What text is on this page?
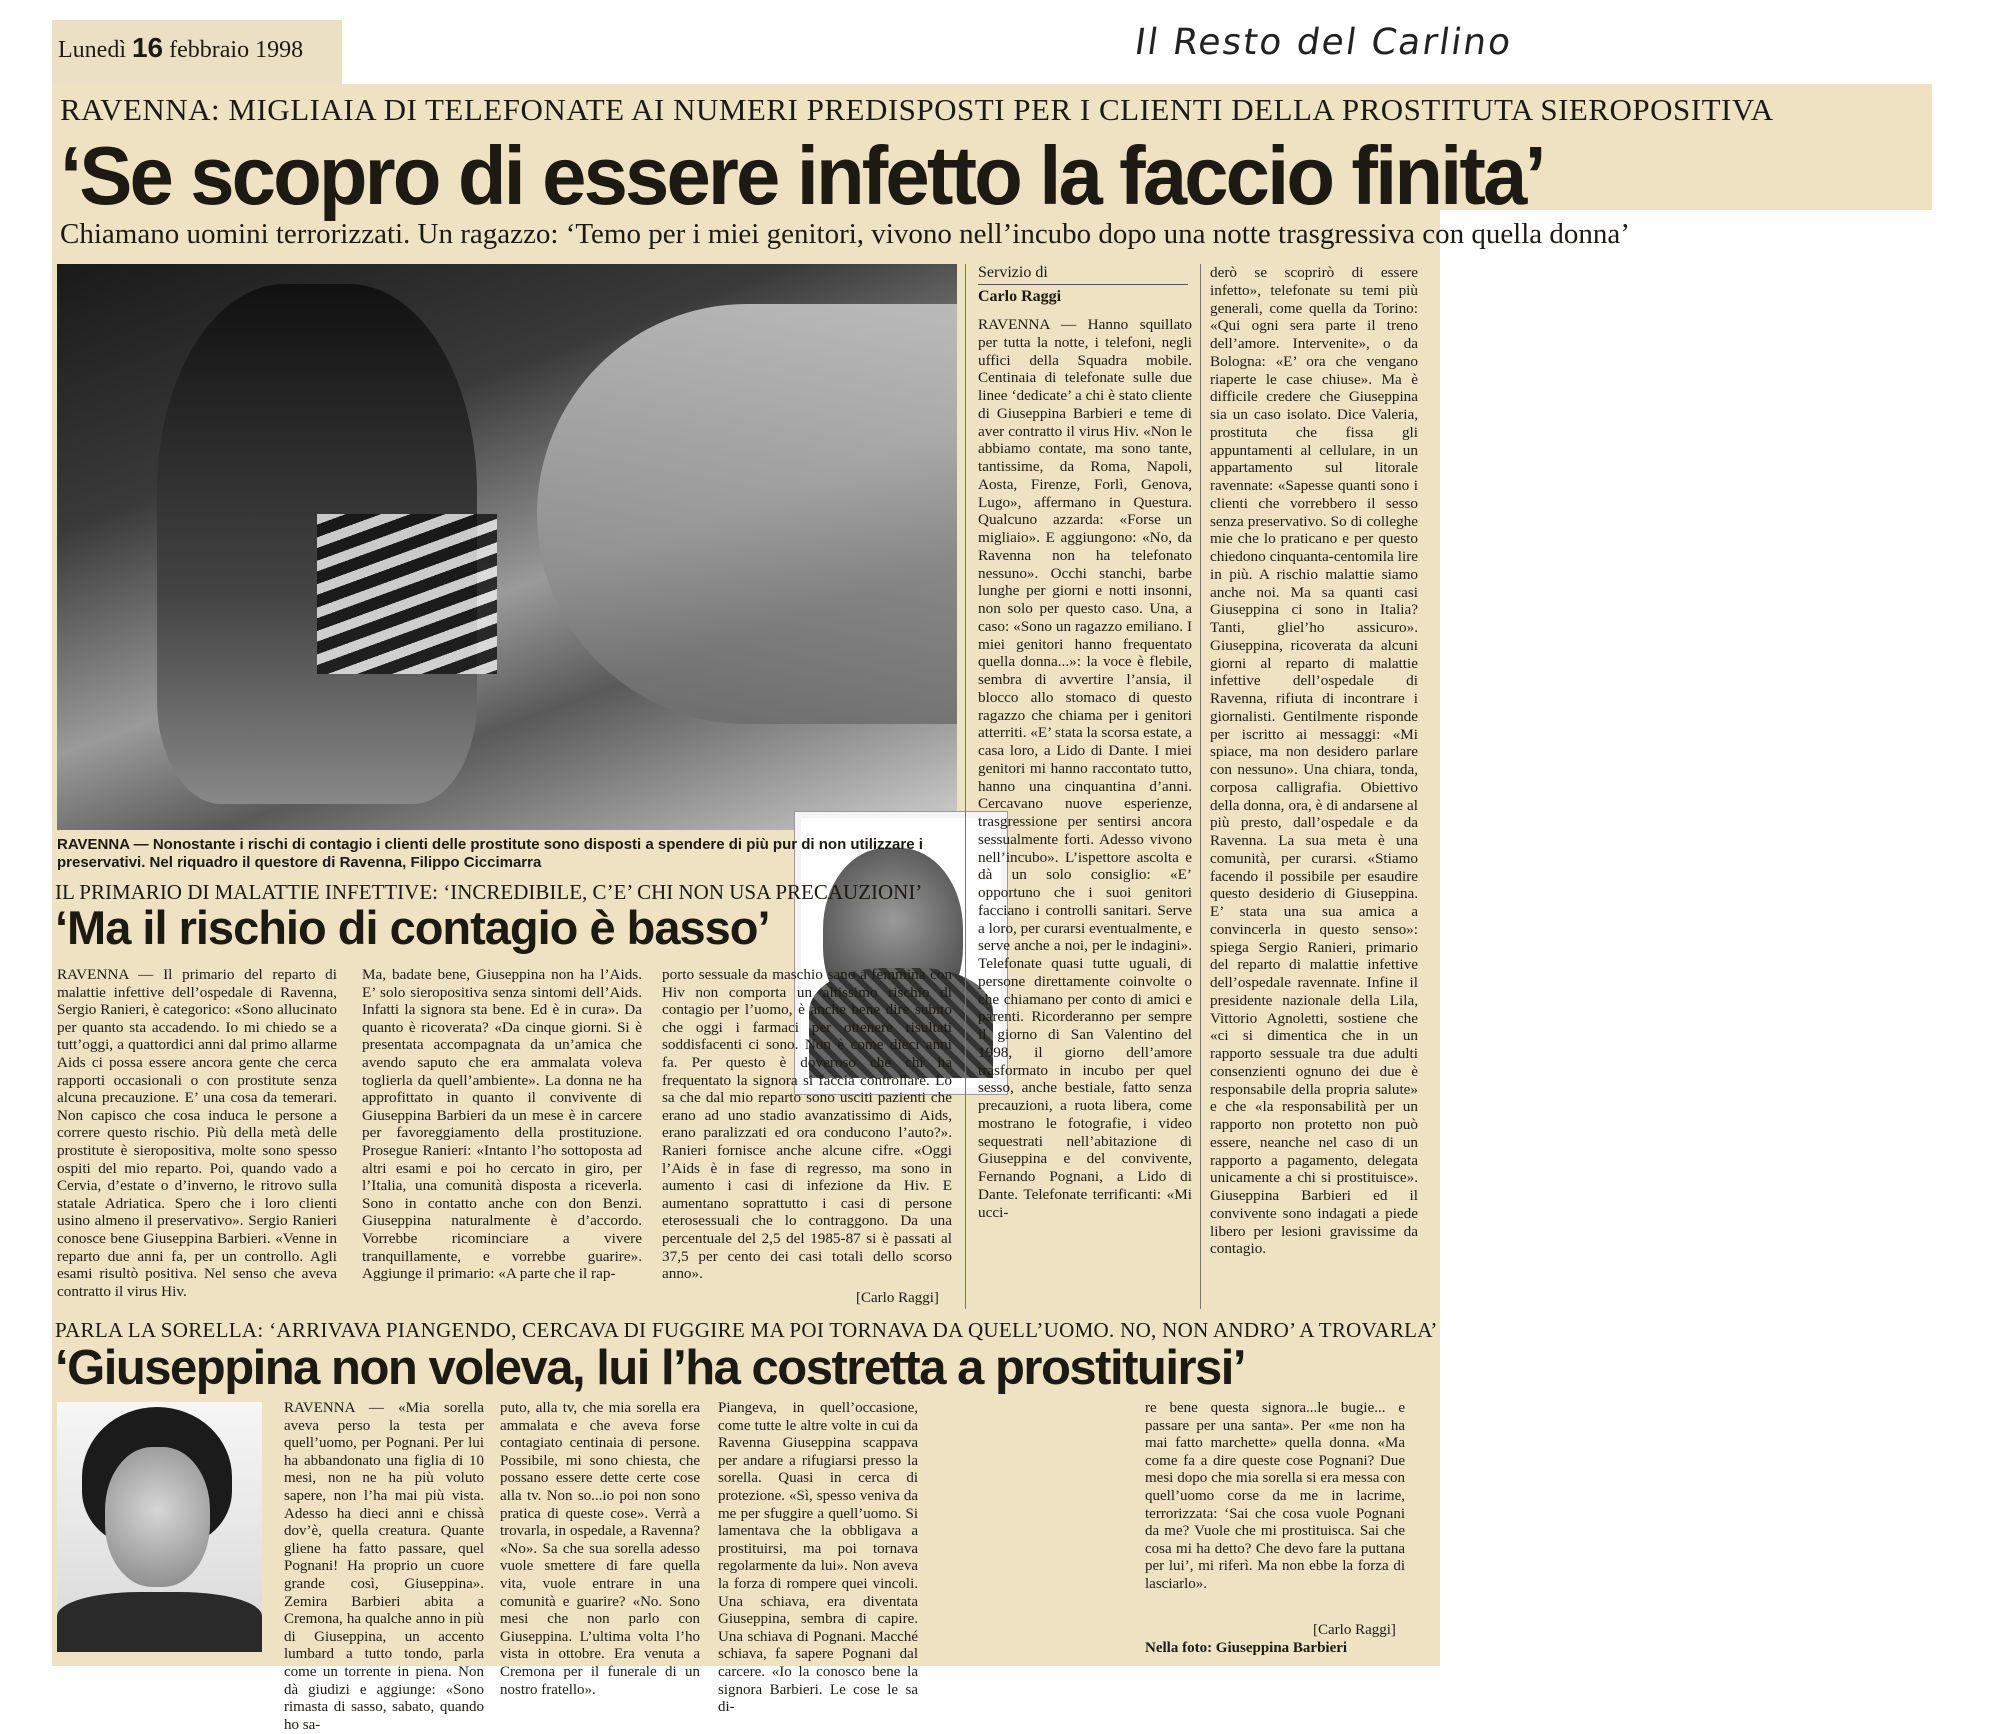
Lunedì 16 febbraio 1998	Il Resto del Carlino
RAVENNA: MIGLIAIA DI TELEFONATE AI NUMERI PREDISPOSTI PER I CLIENTI DELLA PROSTITUTA SIEROPOSITIVA
‘Se scopro di essere infetto la faccio finita’
Chiamano uomini terrorizzati. Un ragazzo: ‘Temo per i miei genitori, vivono nell’incubo dopo una notte trasgressiva con quella donna’
RAVENNA — Nonostante i rischi di contagio i clienti delle prostitute sono disposti a spendere di più pur di non utilizzare i preservativi. Nel riquadro il questore di Ravenna, Filippo Ciccimarra
Servizio di
Carlo Raggi
RAVENNA — Hanno squillato per tutta la notte, i telefoni, negli uffici della Squadra mobile. Centinaia di telefonate sulle due linee ‘dedicate’ a chi è stato cliente di Giuseppina Barbieri e teme di aver contratto il virus Hiv. «Non le abbiamo contate, ma sono tante, tantissime, da Roma, Napoli, Aosta, Firenze, Forlì, Genova, Lugo», affermano in Questura. Qualcuno azzarda: «Forse un migliaio». E aggiungono: «No, da Ravenna non ha telefonato nessuno». Occhi stanchi, barbe lunghe per giorni e notti insonni, non solo per questo caso. Una, a caso: «Sono un ragazzo emiliano. I miei genitori hanno frequentato quella donna...»: la voce è flebile, sembra di avvertire l’ansia, il blocco allo stomaco di questo ragazzo che chiama per i genitori atterriti. «E’ stata la scorsa estate, a casa loro, a Lido di Dante. I miei genitori mi hanno raccontato tutto, hanno una cinquantina d’anni. Cercavano nuove esperienze, trasgressione per sentirsi ancora sessualmente forti. Adesso vivono nell’incubo». L’ispettore ascolta e dà un solo consiglio: «E’ opportuno che i suoi genitori facciano i controlli sanitari. Serve a loro, per curarsi eventualmente, e serve anche a noi, per le indagini». Telefonate quasi tutte uguali, di persone direttamente coinvolte o che chiamano per conto di amici e parenti. Ricorderanno per sempre il giorno di San Valentino del 1998, il giorno dell’amore trasformato in incubo per quel sesso, anche bestiale, fatto senza precauzioni, a ruota libera, come mostrano le fotografie, i video sequestrati nell’abitazione di Giuseppina e del convivente, Fernando Pognani, a Lido di Dante. Telefonate terrificanti: «Mi ucci-
derò se scoprirò di essere infetto», telefonate su temi più generali, come quella da Torino: «Qui ogni sera parte il treno dell’amore. Intervenite», o da Bologna: «E’ ora che vengano riaperte le case chiuse». Ma è difficile credere che Giuseppina sia un caso isolato. Dice Valeria, prostituta che fissa gli appuntamenti al cellulare, in un appartamento sul litorale ravennate: «Sapesse quanti sono i clienti che vorrebbero il sesso senza preservativo. So di colleghe mie che lo praticano e per questo chiedono cinquanta-centomila lire in più. A rischio malattie siamo anche noi. Ma sa quanti casi Giuseppina ci sono in Italia? Tanti, gliel’ho assicuro». Giuseppina, ricoverata da alcuni giorni al reparto di malattie infettive dell’ospedale di Ravenna, rifiuta di incontrare i giornalisti. Gentilmente risponde per iscritto ai messaggi: «Mi spiace, ma non desidero parlare con nessuno». Una chiara, tonda, corposa calligrafia. Obiettivo della donna, ora, è di andarsene al più presto, dall’ospedale e da Ravenna. La sua meta è una comunità, per curarsi. «Stiamo facendo il possibile per esaudire questo desiderio di Giuseppina. E’ stata una sua amica a convincerla in questo senso»: spiega Sergio Ranieri, primario del reparto di malattie infettive dell’ospedale ravennate. Infine il presidente nazionale della Lila, Vittorio Agnoletti, sostiene che «ci si dimentica che in un rapporto sessuale tra due adulti consenzienti ognuno dei due è responsabile della propria salute» e che «la responsabilità per un rapporto non protetto non può essere, neanche nel caso di un rapporto a pagamento, delegata unicamente a chi si prostituisce». Giuseppina Barbieri ed il convivente sono indagati a piede libero per lesioni gravissime da contagio.
IL PRIMARIO DI MALATTIE INFETTIVE: ‘INCREDIBILE, C’E’ CHI NON USA PRECAUZIONI’
‘Ma il rischio di contagio è basso’
RAVENNA — Il primario del reparto di malattie infettive dell’ospedale di Ravenna, Sergio Ranieri, è categorico: «Sono allucinato per quanto sta accadendo. Io mi chiedo se a tutt’oggi, a quattordici anni dal primo allarme Aids ci possa essere ancora gente che cerca rapporti occasionali o con prostitute senza alcuna precauzione. E’ una cosa da temerari. Non capisco che cosa induca le persone a correre questo rischio. Più della metà delle prostitute è sieropositiva, molte sono spesso ospiti del mio reparto. Poi, quando vado a Cervia, d’estate o d’inverno, le ritrovo sulla statale Adriatica. Spero che i loro clienti usino almeno il preservativo». Sergio Ranieri conosce bene Giuseppina Barbieri. «Venne in reparto due anni fa, per un controllo. Agli esami risultò positiva. Nel senso che aveva contratto il virus Hiv.
Ma, badate bene, Giuseppina non ha l’Aids. E’ solo sieropositiva senza sintomi dell’Aids. Infatti la signora sta bene. Ed è in cura». Da quanto è ricoverata? «Da cinque giorni. Si è presentata accompagnata da un’amica che avendo saputo che era ammalata voleva toglierla da quell’ambiente». La donna ne ha approfittato in quanto il convivente di Giuseppina Barbieri da un mese è in carcere per favoreggiamento della prostituzione. Prosegue Ranieri: «Intanto l’ho sottoposta ad altri esami e poi ho cercato in giro, per l’Italia, una comunità disposta a riceverla. Sono in contatto anche con don Benzi. Giuseppina naturalmente è d’accordo. Vorrebbe ricominciare a vivere tranquillamente, e vorrebbe guarire». Aggiunge il primario: «A parte che il rap-
porto sessuale da maschio sano a femmina con Hiv non comporta un altissimo rischio di contagio per l’uomo, è anche bene dire subito che oggi i farmaci per ottenere risultati soddisfacenti ci sono. Non è come dieci anni fa. Per questo è doveroso che chi ha frequentato la signora si faccia controllare. Lo sa che dal mio reparto sono usciti pazienti che erano ad uno stadio avanzatissimo di Aids, erano paralizzati ed ora conducono l’auto?». Ranieri fornisce anche alcune cifre. «Oggi l’Aids è in fase di regresso, ma sono in aumento i casi di infezione da Hiv. E aumentano soprattutto i casi di persone eterosessuali che lo contraggono. Da una percentuale del 2,5 del 1985-87 si è passati al 37,5 per cento dei casi totali dello scorso anno».
[Carlo Raggi]
PARLA LA SORELLA: ‘ARRIVAVA PIANGENDO, CERCAVA DI FUGGIRE MA POI TORNAVA DA QUELL’UOMO. NO, NON ANDRO’ A TROVARLA’
‘Giuseppina non voleva, lui l’ha costretta a prostituirsi’
RAVENNA — «Mia sorella aveva perso la testa per quell’uomo, per Pognani. Per lui ha abbandonato una figlia di 10 mesi, non ne ha più voluto sapere, non l’ha mai più vista. Adesso ha dieci anni e chissà dov’è, quella creatura. Quante gliene ha fatto passare, quel Pognani! Ha proprio un cuore grande così, Giuseppina». Zemira Barbieri abita a Cremona, ha qualche anno in più di Giuseppina, un accento lumbard a tutto tondo, parla come un torrente in piena. Non dà giudizi e aggiunge: «Sono rimasta di sasso, sabato, quando ho sa-
puto, alla tv, che mia sorella era ammalata e che aveva forse contagiato centinaia di persone. Possibile, mi sono chiesta, che possano essere dette certe cose alla tv. Non so...io poi non sono pratica di queste cose». Verrà a trovarla, in ospedale, a Ravenna? «No». Sa che sua sorella adesso vuole smettere di fare quella vita, vuole entrare in una comunità e guarire? «No. Sono mesi che non parlo con Giuseppina. L’ultima volta l’ho vista in ottobre. Era venuta a Cremona per il funerale di un nostro fratello».
Piangeva, in quell’occasione, come tutte le altre volte in cui da Ravenna Giuseppina scappava per andare a rifugiarsi presso la sorella. Quasi in cerca di protezione. «Sì, spesso veniva da me per sfuggire a quell’uomo. Si lamentava che la obbligava a prostituirsi, ma poi tornava regolarmente da lui». Non aveva la forza di rompere quei vincoli. Una schiava, era diventata Giuseppina, sembra di capire. Una schiava di Pognani. Macché schiava, fa sapere Pognani dal carcere. «Io la conosco bene la signora Barbieri. Le cose le sa di-
re bene questa signora...le bugie... e passare per una santa». Per «me non ha mai fatto marchette» quella donna. «Ma come fa a dire queste cose Pognani? Due mesi dopo che mia sorella si era messa con quell’uomo corse da me in lacrime, terrorizzata: ‘Sai che cosa vuole Pognani da me? Vuole che mi prostituisca. Sai che cosa mi ha detto? Che devo fare la puttana per lui’, mi riferì. Ma non ebbe la forza di lasciarlo».
[Carlo Raggi]
Nella foto: Giuseppina Barbieri
